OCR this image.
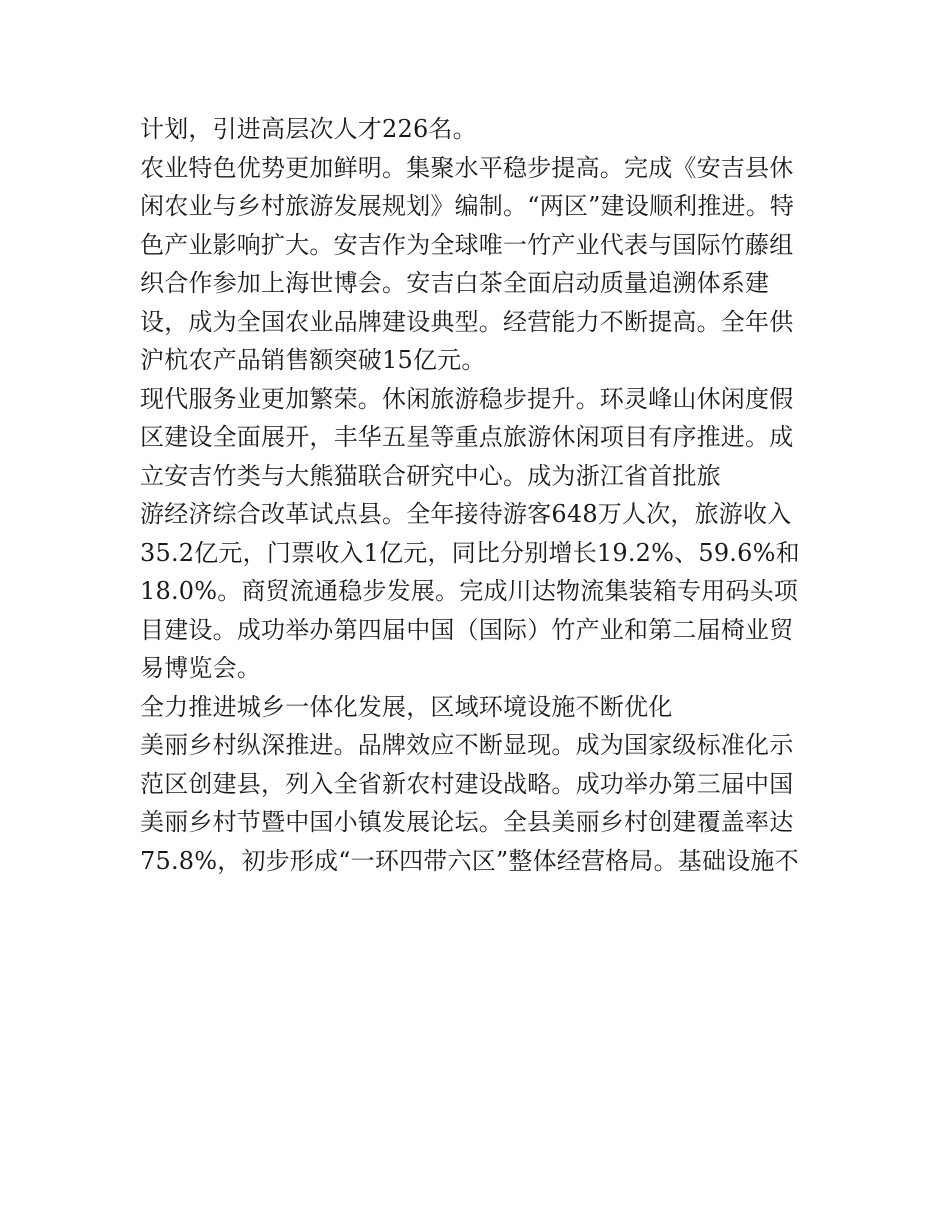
计划，引进高层次人才226名。
农业特色优势更加鲜明。集聚水平稳步提高。完成《安吉县休
闲农业与乡村旅游发展规划》编制。“两区”建设顺利推进。特
色产业影响扩大。安吉作为全球唯一竹产业代表与国际竹藤组
织合作参加上海世博会。安吉白茶全面启动质量追溯体系建
设，成为全国农业品牌建设典型。经营能力不断提高。全年供
沪杭农产品销售额突破15亿元。
现代服务业更加繁荣。休闲旅游稳步提升。环灵峰山休闲度假
区建设全面展开，丰华五星等重点旅游休闲项目有序推进。成
立安吉竹类与大熊猫联合研究中心。成为浙江省首批旅
游经济综合改革试点县。全年接待游客648万人次，旅游收入
35.2亿元，门票收入1亿元，同比分别增长19.2%、59.6%和
18.0%。商贸流通稳步发展。完成川达物流集装箱专用码头项
目建设。成功举办第四届中国（国际）竹产业和第二届椅业贸
易博览会。
全力推进城乡一体化发展，区域环境设施不断优化
美丽乡村纵深推进。品牌效应不断显现。成为国家级标准化示
范区创建县，列入全省新农村建设战略。成功举办第三届中国
美丽乡村节暨中国小镇发展论坛。全县美丽乡村创建覆盖率达
75.8%，初步形成“一环四带六区”整体经营格局。基础设施不
